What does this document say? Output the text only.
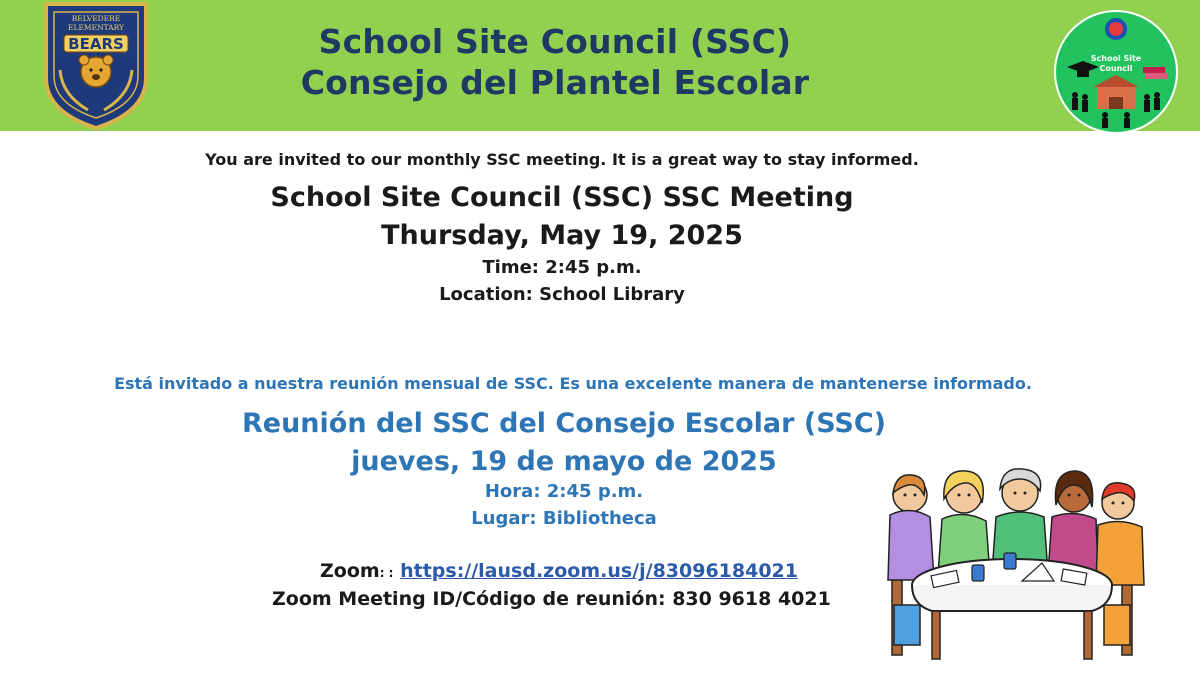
BELVEDERE
ELEMENTARY
BEARS	School Site Council (SSC)
Consejo del Plantel Escolar
School Site
Council
You are invited to our monthly SSC meeting. It is a great way to stay informed.
School Site Council (SSC) SSC Meeting
Thursday, May 19, 2025
Time: 2:45 p.m.
Location: School Library
Está invitado a nuestra reunión mensual de SSC. Es una excelente manera de mantenerse informado.
Reunión del SSC del Consejo Escolar (SSC)
jueves, 19 de mayo de 2025
Hora: 2:45 p.m.
Lugar: Bibliotheca
Zoom: : https://lausd.zoom.us/j/83096184021
Zoom Meeting ID/Código de reunión: 830 9618 4021
